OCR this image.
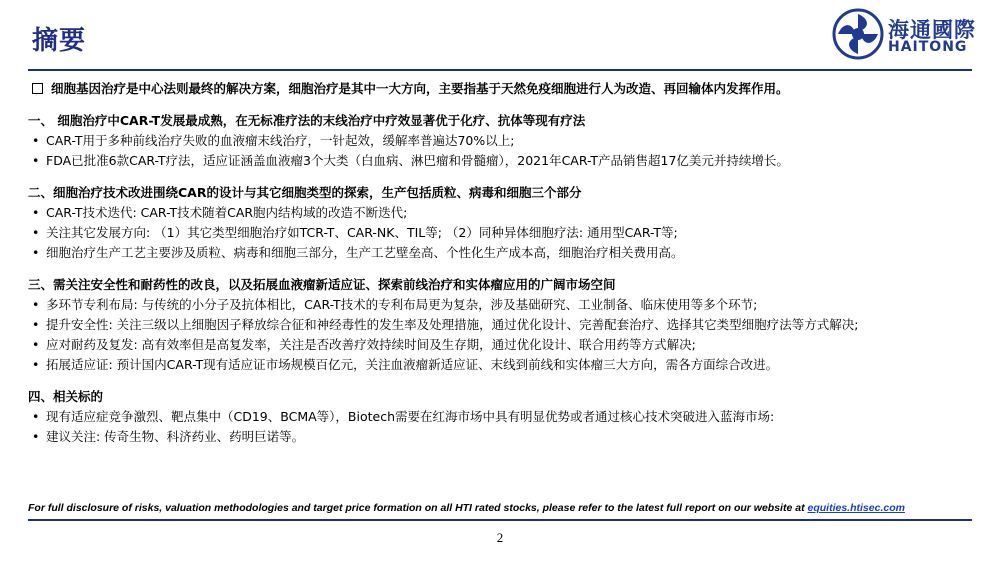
摘要	海通國際
HAITONG
细胞基因治疗是中心法则最终的解决方案，细胞治疗是其中一大方向，主要指基于天然免疫细胞进行人为改造、再回输体内发挥作用。
一、 细胞治疗中CAR-T发展最成熟，在无标准疗法的末线治疗中疗效显著优于化疗、抗体等现有疗法
• CAR-T用于多种前线治疗失败的血液瘤末线治疗，一针起效，缓解率普遍达70%以上;
• FDA已批准6款CAR-T疗法，适应证涵盖血液瘤3个大类（白血病、淋巴瘤和骨髓瘤），2021年CAR-T产品销售超17亿美元并持续增长。
二、细胞治疗技术改进围绕CAR的设计与其它细胞类型的探索，生产包括质粒、病毒和细胞三个部分
• CAR-T技术迭代: CAR-T技术随着CAR胞内结构域的改造不断迭代;
• 关注其它发展方向: （1）其它类型细胞治疗如TCR-T、CAR-NK、TIL等; （2）同种异体细胞疗法: 通用型CAR-T等;
• 细胞治疗生产工艺主要涉及质粒、病毒和细胞三部分，生产工艺壁垒高、个性化生产成本高，细胞治疗相关费用高。
三、需关注安全性和耐药性的改良，以及拓展血液瘤新适应证、探索前线治疗和实体瘤应用的广阔市场空间
• 多环节专利布局: 与传统的小分子及抗体相比，CAR-T技术的专利布局更为复杂，涉及基础研究、工业制备、临床使用等多个环节;
• 提升安全性: 关注三级以上细胞因子释放综合征和神经毒性的发生率及处理措施，通过优化设计、完善配套治疗、选择其它类型细胞疗法等方式解决;
• 应对耐药及复发: 高有效率但是高复发率，关注是否改善疗效持续时间及生存期，通过优化设计、联合用药等方式解决;
• 拓展适应证: 预计国内CAR-T现有适应证市场规模百亿元，关注血液瘤新适应证、末线到前线和实体瘤三大方向，需各方面综合改进。
四、相关标的
• 现有适应症竞争激烈、靶点集中（CD19、BCMA等），Biotech需要在红海市场中具有明显优势或者通过核心技术突破进入蓝海市场:
• 建议关注: 传奇生物、科济药业、药明巨诺等。
For full disclosure of risks, valuation methodologies and target price formation on all HTI rated stocks, please refer to the latest full report on our website at equities.htisec.com
2
